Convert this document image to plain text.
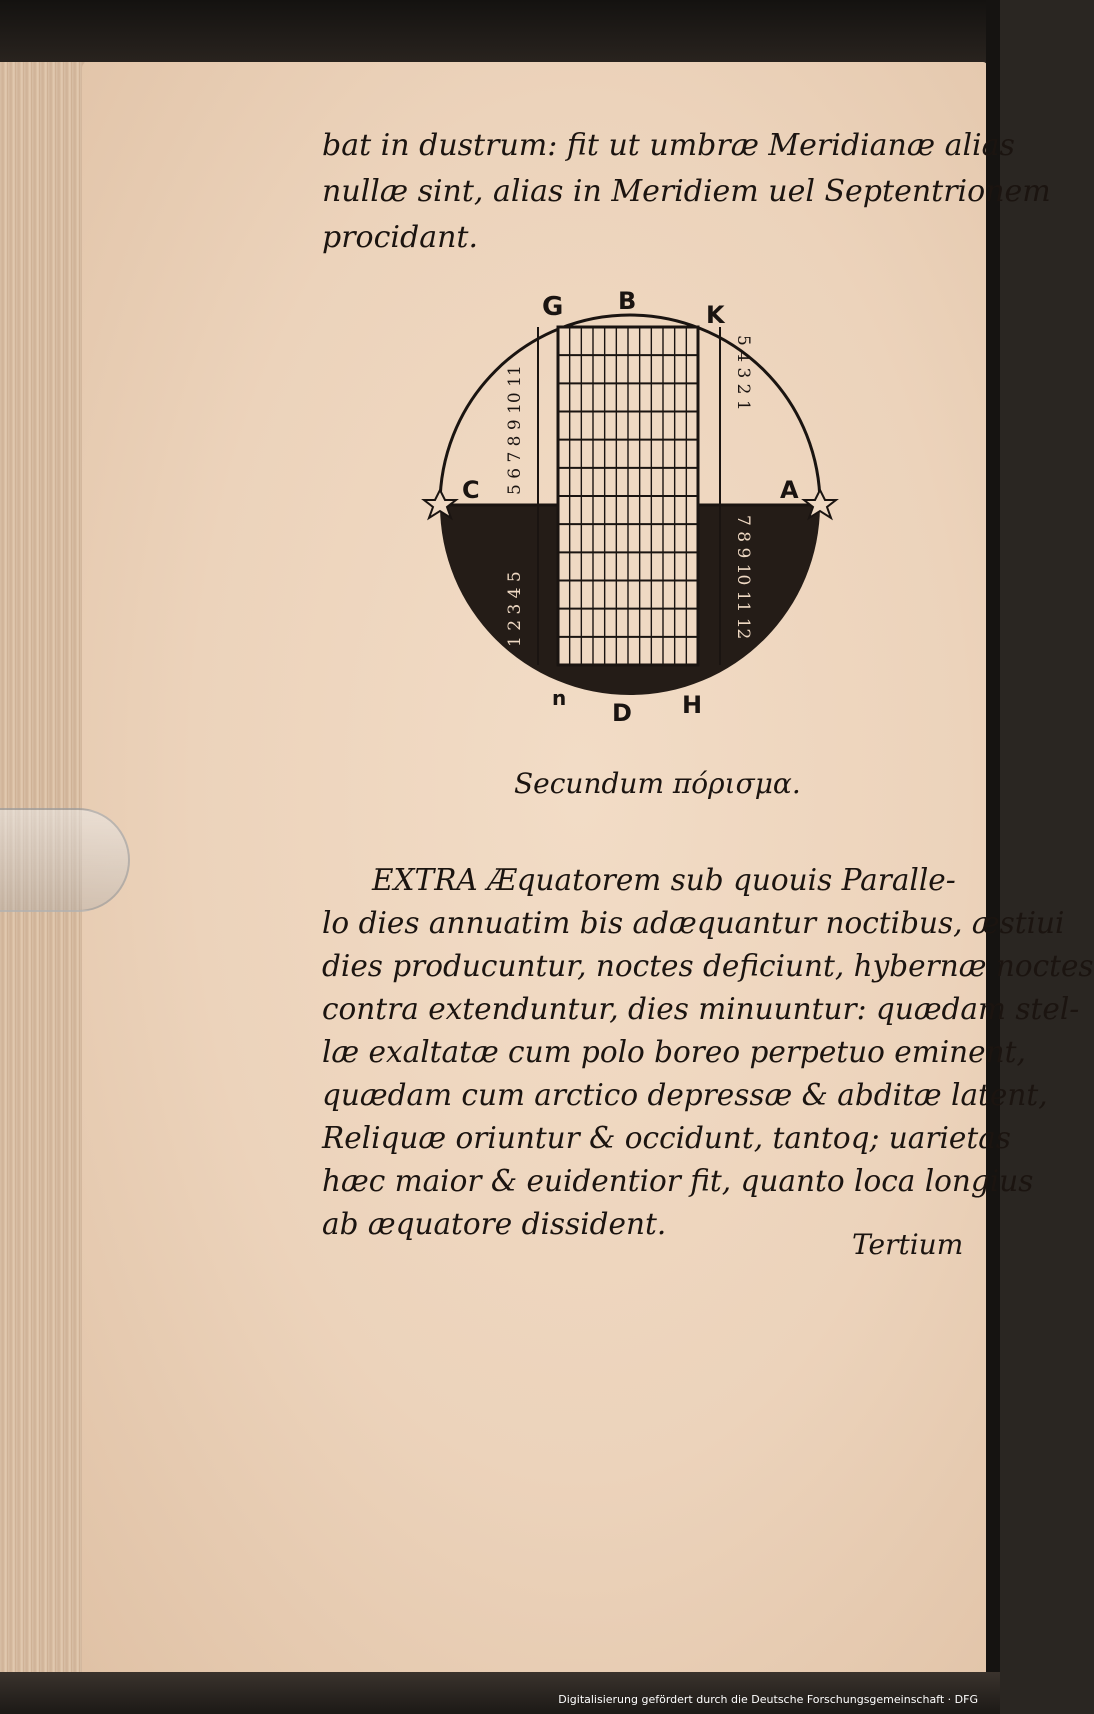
bat in dustrum: fit ut umbræ Meridianæ alias
nullæ sint, alias in Meridiem uel Septentrionem
procidant.
5 6 7 8 9 10 11
1 2 3 4 5
5 4 3 2 1
7 8 9 10 11 12
G B	K
C	A
D H
n
Secundum πόρισμα.
EXTRA Æquatorem sub quouis Paralle-
lo dies annuatim bis adæquantur noctibus, æstiui
dies producuntur, noctes deficiunt, hybernæ noctes
contra extenduntur, dies minuuntur: quædam stel-
læ exaltatæ cum polo boreo perpetuo eminent,
quædam cum arctico depressæ & abditæ latent,
Reliquæ oriuntur & occidunt, tantoq; uarietas
hæc maior & euidentior fit, quanto loca longius
ab æquatore dissident.
Tertium
Digitalisierung gefördert durch die Deutsche Forschungsgemeinschaft · DFG
